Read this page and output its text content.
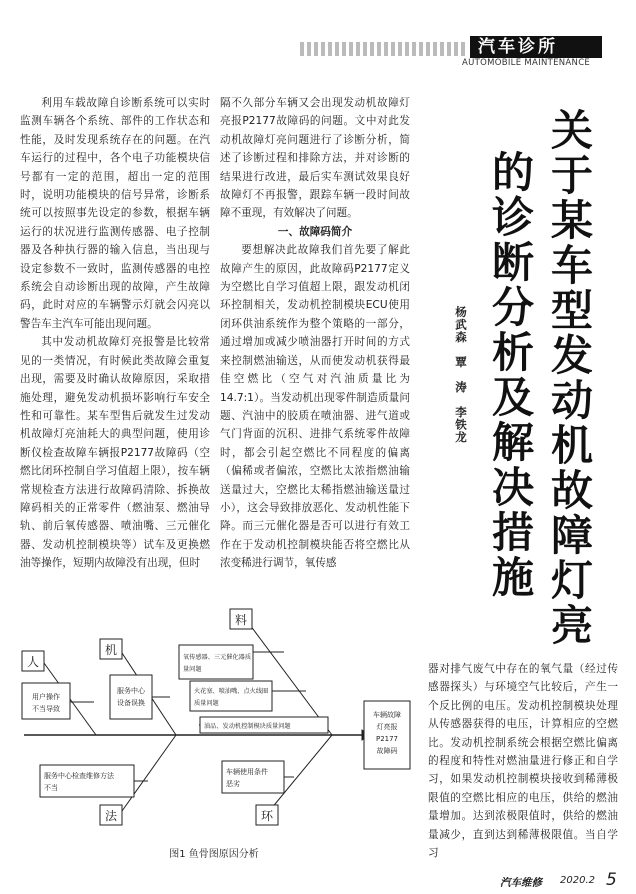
汽车诊所
AUTOMOBILE MAINTENANCE

利用车载故障自诊断系统可以实时监测车辆各个系统、部件的工作状态和性能，及时发现系统存在的问题。在汽车运行的过程中，各个电子功能模块信号都有一定的范围，超出一定的范围时，说明功能模块的信号异常，诊断系统可以按照事先设定的参数，根据车辆运行的状况进行监测传感器、电子控制器及各种执行器的输入信息，当出现与设定参数不一致时，监测传感器的电控系统会自动诊断出现的故障，产生故障码，此时对应的车辆警示灯就会闪亮以警告车主汽车可能出现问题。

其中发动机故障灯亮报警是比较常见的一类情况，有时候此类故障会重复出现，需要及时确认故障原因，采取措施处理，避免发动机损坏影响行车安全性和可靠性。某车型售后就发生过发动机故障灯亮油耗大的典型问题，使用诊断仪检查故障车辆报P2177故障码（空燃比闭环控制自学习值超上限），按车辆常规检查方法进行故障码清除、拆换故障码相关的正常零件（燃油泵、燃油导轨、前后氧传感器、喷油嘴、三元催化器、发动机控制模块等）试车及更换燃油等操作，短期内故障没有出现，但时

隔不久部分车辆又会出现发动机故障灯亮报P2177故障码的问题。文中对此发动机故障灯亮问题进行了诊断分析，简述了诊断过程和排除方法，并对诊断的结果进行改进，最后实车测试效果良好故障灯不再报警，跟踪车辆一段时间故障不重现，有效解决了问题。

一、故障码简介

要想解决此故障我们首先要了解此故障产生的原因，此故障码P2177定义为空燃比自学习值超上限，跟发动机闭环控制相关，发动机控制模块ECU使用闭环供油系统作为整个策略的一部分，通过增加或减少喷油器打开时间的方式来控制燃油输送，从而使发动机获得最佳空燃比（空气对汽油质量比为14.7:1）。当发动机出现零件制造质量问题、汽油中的胶质在喷油器、进气道或气门背面的沉积、进排气系统零件故障时，都会引起空燃比不同程度的偏离（偏稀或者偏浓，空燃比太浓指燃油输送量过大，空燃比太稀指燃油输送量过小），这会导致排放恶化、发动机性能下降。而三元催化器是否可以进行有效工作在于发动机控制模块能否将空燃比从浓变稀进行调节，氧传感	关于某车型发动机故障灯亮
的诊断分析及解决措施
杨武森　覃　涛　李铁龙

器对排气废气中存在的氧气量（经过传感器探头）与环境空气比较后，产生一个反比例的电压。发动机控制模块处理从传感器获得的电压，计算相应的空燃比。发动机控制系统会根据空燃比偏离的程度和特性对燃油量进行修正和自学习，如果发动机控制模块接收到稀薄极限值的空燃比相应的电压，供给的燃油量增加。达到浓极限值时，供给的燃油量减少，直到达到稀薄极限值。当自学习

人
机
料
法	环
用户操作
不当导致
服务中心
设备误换
氧传感器、三元催化器质
量问题
火花塞、喷油嘴、点火线圈
质量问题
油品、发动机控制模块质量问题
服务中心检查维修方法
不当
车辆使用条件
恶劣
车辆故障
灯亮报
P2177
故障码
图1 鱼骨图原因分析
汽车维修 2020.2 5
